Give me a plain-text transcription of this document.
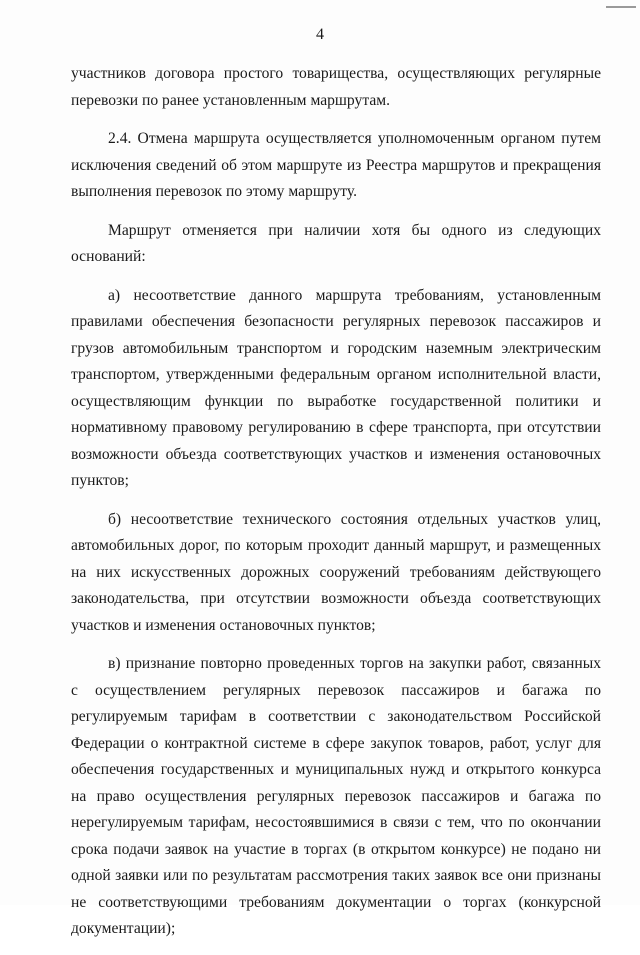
4

участников договора простого товарищества, осуществляющих регулярные перевозки по ранее установленным маршрутам.

2.4. Отмена маршрута осуществляется уполномоченным органом путем исключения сведений об этом маршруте из Реестра маршрутов и прекращения выполнения перевозок по этому маршруту.

Маршрут отменяется при наличии хотя бы одного из следующих оснований:

а) несоответствие данного маршрута требованиям, установленным правилами обеспечения безопасности регулярных перевозок пассажиров и грузов автомобильным транспортом и городским наземным электрическим транспортом, утвержденными федеральным органом исполнительной власти, осуществляющим функции по выработке государственной политики и нормативному правовому регулированию в сфере транспорта, при отсутствии возможности объезда соответствующих участков и изменения остановочных пунктов;

б) несоответствие технического состояния отдельных участков улиц, автомобильных дорог, по которым проходит данный маршрут, и размещенных на них искусственных дорожных сооружений требованиям действующего законодательства, при отсутствии возможности объезда соответствующих участков и изменения остановочных пунктов;

в) признание повторно проведенных торгов на закупки работ, связанных с осуществлением регулярных перевозок пассажиров и багажа по регулируемым тарифам в соответствии с законодательством Российской Федерации о контрактной системе в сфере закупок товаров, работ, услуг для обеспечения государственных и муниципальных нужд и открытого конкурса на право осуществления регулярных перевозок пассажиров и багажа по нерегулируемым тарифам, несостоявшимися в связи с тем, что по окончании срока подачи заявок на участие в торгах (в открытом конкурсе) не подано ни одной заявки или по результатам рассмотрения таких заявок все они признаны не соответствующими требованиям документации о торгах (конкурсной документации);
